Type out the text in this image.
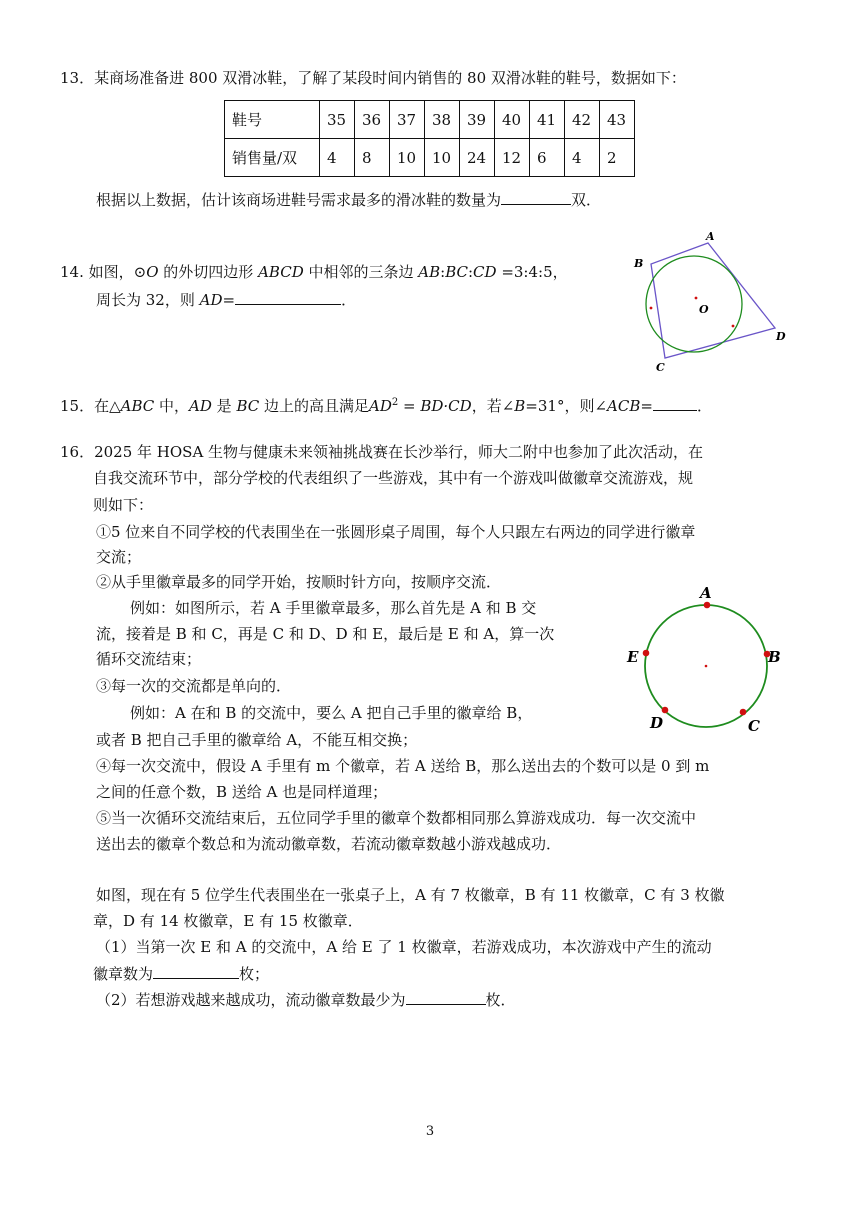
13．某商场准备进 800 双滑冰鞋，了解了某段时间内销售的 80 双滑冰鞋的鞋号，数据如下：
鞋号	35	36	37	38	39	40	41	42	43
销售量/双	4	8	10	10	24	12	6	4	2
根据以上数据，估计该商场进鞋号需求最多的滑冰鞋的数量为	双．
14. 如图，⊙O 的外切四边形 ABCD 中相邻的三条边 AB:BC:CD =3:4:5，
周长为 32，则 AD=	．
A
B
C
D
O
15．在△ABC 中，AD 是 BC 边上的高且满足$AD^2 = BD\cdot CD$，若∠B=31°，则∠ACB=	．
16．2025 年 HOSA 生物与健康未来领袖挑战赛在长沙举行，师大二附中也参加了此次活动，在
自我交流环节中，部分学校的代表组织了一些游戏，其中有一个游戏叫做徽章交流游戏，规
则如下：
①5 位来自不同学校的代表围坐在一张圆形桌子周围，每个人只跟左右两边的同学进行徽章
交流；
②从手里徽章最多的同学开始，按顺时针方向，按顺序交流．
例如：如图所示，若 A 手里徽章最多，那么首先是 A 和 B 交
流，接着是 B 和 C，再是 C 和 D、D 和 E，最后是 E 和 A，算一次
循环交流结束；
③每一次的交流都是单向的．
例如：A 在和 B 的交流中，要么 A 把自己手里的徽章给 B，
或者 B 把自己手里的徽章给 A，不能互相交换；
④每一次交流中，假设 A 手里有 m 个徽章，若 A 送给 B，那么送出去的个数可以是 0 到 m
之间的任意个数，B 送给 A 也是同样道理；
⑤当一次循环交流结束后，五位同学手里的徽章个数都相同那么算游戏成功．每一次交流中
送出去的徽章个数总和为流动徽章数，若流动徽章数越小游戏越成功．
如图，现在有 5 位学生代表围坐在一张桌子上，A 有 7 枚徽章，B 有 11 枚徽章，C 有 3 枚徽
章，D 有 14 枚徽章，E 有 15 枚徽章．
（1）当第一次 E 和 A 的交流中，A 给 E 了 1 枚徽章，若游戏成功，本次游戏中产生的流动
徽章数为	枚；
（2）若想游戏越来越成功，流动徽章数最少为	枚．
A
B
C
D
E
3
